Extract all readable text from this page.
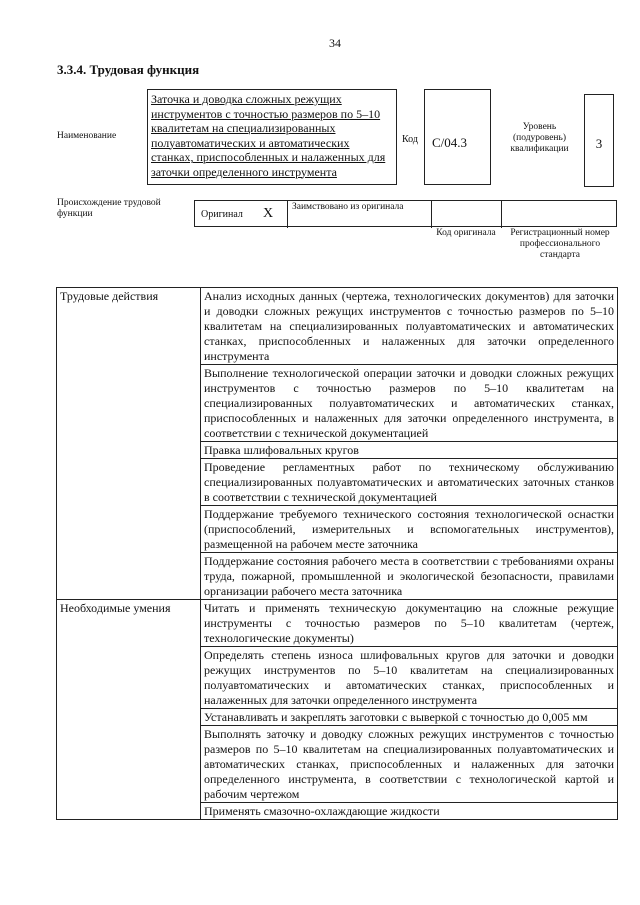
34
3.3.4. Трудовая функция
Наименование
Заточка и доводка сложных режущих инструментов с точностью размеров по 5–10 квалитетам на специализированных полуавтоматических и автоматических станках, приспособленных и налаженных для заточки определенного инструмента
Код	С/04.3
Уровень (подуровень) квалификации	3
Происхождение трудовой функции	Оригинал X Заимствовано из оригинала
Код оригинала	Регистрационный номер профессионального стандарта
Трудовые действия	Анализ исходных данных (чертежа, технологических документов) для заточки и доводки сложных режущих инструментов с точностью размеров по 5–10 квалитетам на специализированных полуавтоматических и автоматических станках, приспособленных и налаженных для заточки определенного инструмента
	Выполнение технологической операции заточки и доводки сложных режущих инструментов с точностью размеров по 5–10 квалитетам на специализированных полуавтоматических и автоматических станках, приспособленных и налаженных для заточки определенного инструмента, в соответствии с технической документацией
	Правка шлифовальных кругов
	Проведение регламентных работ по техническому обслуживанию специализированных полуавтоматических и автоматических заточных станков в соответствии с технической документацией
	Поддержание требуемого технического состояния технологической оснастки (приспособлений, измерительных и вспомогательных инструментов), размещенной на рабочем месте заточника
	Поддержание состояния рабочего места в соответствии с требованиями охраны труда, пожарной, промышленной и экологической безопасности, правилами организации рабочего места заточника
Необходимые умения	Читать и применять техническую документацию на сложные режущие инструменты с точностью размеров по 5–10 квалитетам (чертеж, технологические документы)
	Определять степень износа шлифовальных кругов для заточки и доводки режущих инструментов по 5–10 квалитетам на специализированных полуавтоматических и автоматических станках, приспособленных и налаженных для заточки определенного инструмента
	Устанавливать и закреплять заготовки с выверкой с точностью до 0,005 мм
	Выполнять заточку и доводку сложных режущих инструментов с точностью размеров по 5–10 квалитетам на специализированных полуавтоматических и автоматических станках, приспособленных и налаженных для заточки определенного инструмента, в соответствии с технологической картой и рабочим чертежом
	Применять смазочно-охлаждающие жидкости
